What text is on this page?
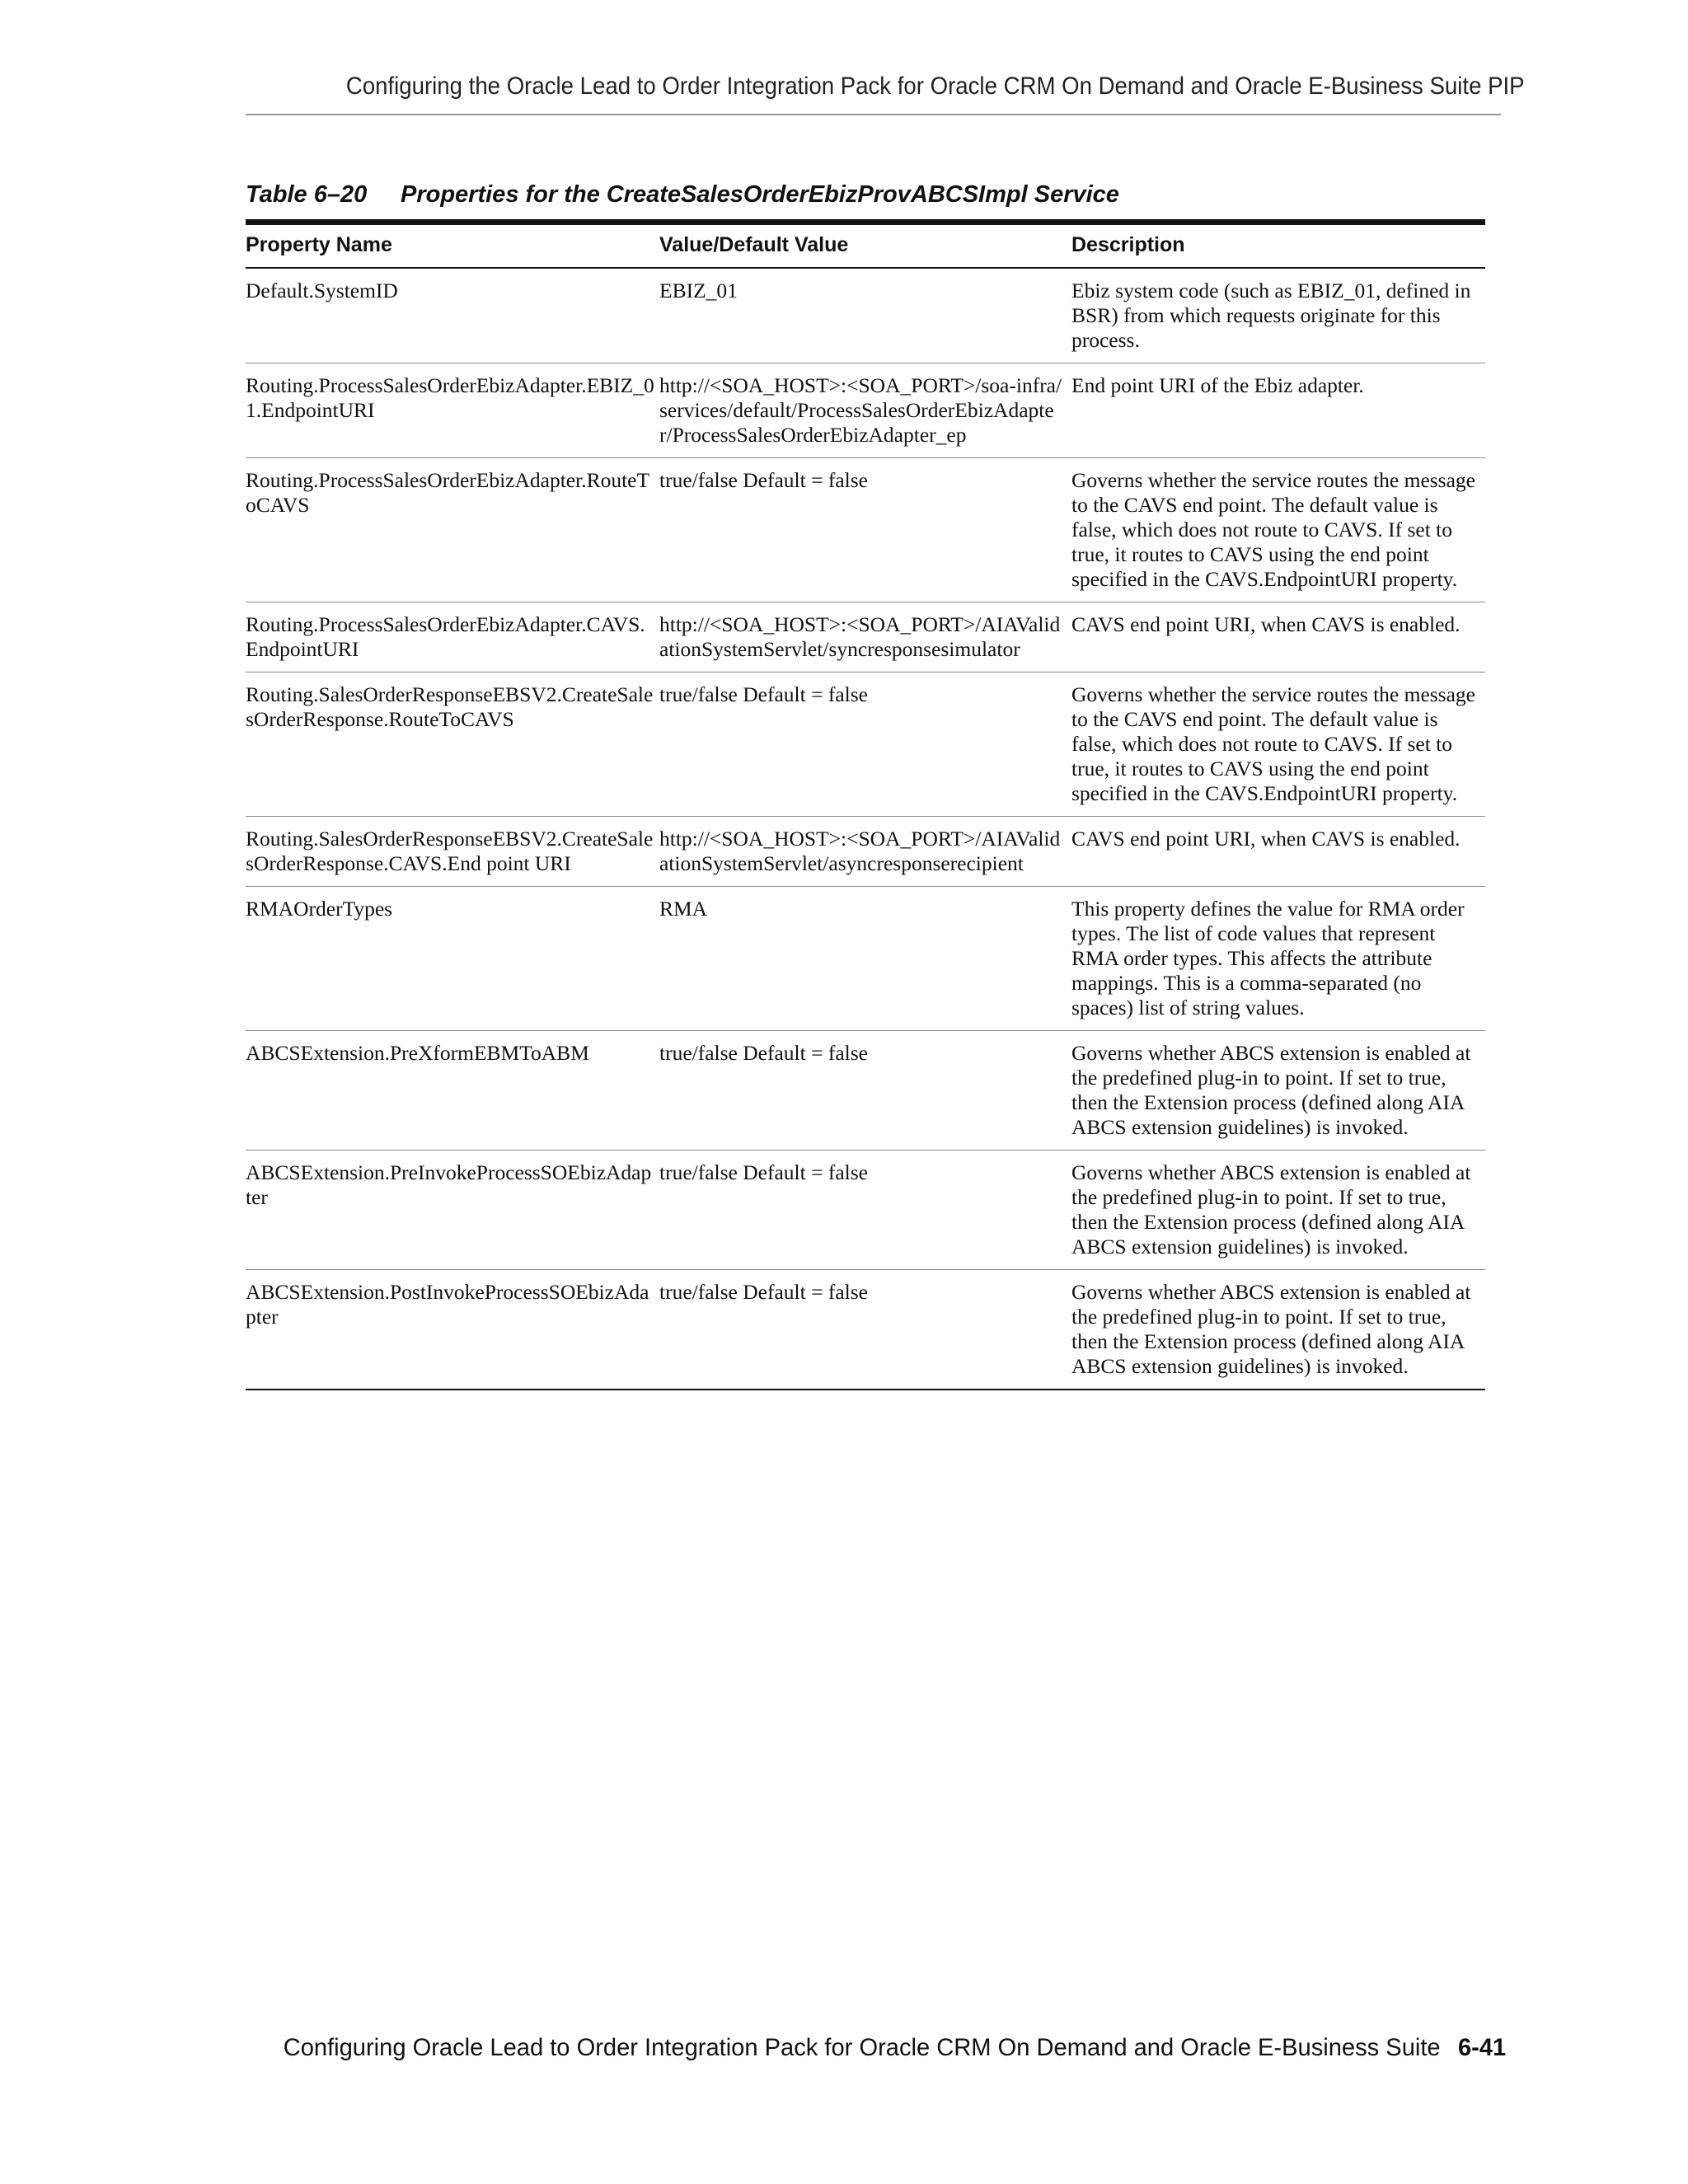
Configuring the Oracle Lead to Order Integration Pack for Oracle CRM On Demand and Oracle E-Business Suite PIP
Table 6–20 Properties for the CreateSalesOrderEbizProvABCSImpl Service
Property Name	Value/Default Value	Description
Default.SystemID	EBIZ_01	Ebiz system code (such as EBIZ_01, defined in BSR) from which requests originate for this process.
Routing.ProcessSalesOrderEbizAdapter.EBIZ_01.EndpointURI	http://<SOA_HOST>:<SOA_PORT>/soa-infra/services/default/ProcessSalesOrderEbizAdapter/ProcessSalesOrderEbizAdapter_ep	End point URI of the Ebiz adapter.
Routing.ProcessSalesOrderEbizAdapter.RouteToCAVS	true/false Default = false	Governs whether the service routes the message to the CAVS end point. The default value is false, which does not route to CAVS. If set to true, it routes to CAVS using the end point specified in the CAVS.EndpointURI property.
Routing.ProcessSalesOrderEbizAdapter.CAVS.EndpointURI	http://<SOA_HOST>:<SOA_PORT>/AIAValidationSystemServlet/syncresponsesimulator	CAVS end point URI, when CAVS is enabled.
Routing.SalesOrderResponseEBSV2.CreateSalesOrderResponse.RouteToCAVS	true/false Default = false	Governs whether the service routes the message to the CAVS end point. The default value is false, which does not route to CAVS. If set to true, it routes to CAVS using the end point specified in the CAVS.EndpointURI property.
Routing.SalesOrderResponseEBSV2.CreateSalesOrderResponse.CAVS.End point URI	http://<SOA_HOST>:<SOA_PORT>/AIAValidationSystemServlet/asyncresponserecipient	CAVS end point URI, when CAVS is enabled.
RMAOrderTypes	RMA	This property defines the value for RMA order types. The list of code values that represent RMA order types. This affects the attribute mappings. This is a comma-separated (no spaces) list of string values.
ABCSExtension.PreXformEBMToABM	true/false Default = false	Governs whether ABCS extension is enabled at the predefined plug-in to point. If set to true, then the Extension process (defined along AIA ABCS extension guidelines) is invoked.
ABCSExtension.PreInvokeProcessSOEbizAdapter	true/false Default = false	Governs whether ABCS extension is enabled at the predefined plug-in to point. If set to true, then the Extension process (defined along AIA ABCS extension guidelines) is invoked.
ABCSExtension.PostInvokeProcessSOEbizAdapter	true/false Default = false	Governs whether ABCS extension is enabled at the predefined plug-in to point. If set to true, then the Extension process (defined along AIA ABCS extension guidelines) is invoked.
Configuring Oracle Lead to Order Integration Pack for Oracle CRM On Demand and Oracle E-Business Suite 6-41
